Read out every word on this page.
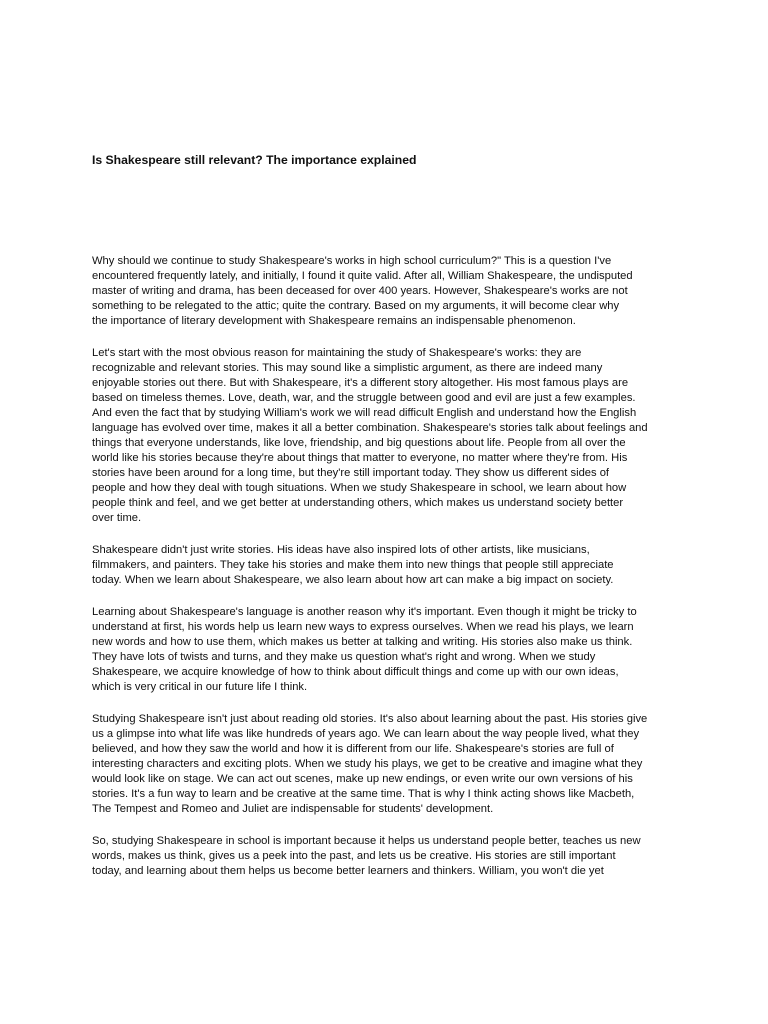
Is Shakespeare still relevant? The importance explained

Why should we continue to study Shakespeare's works in high school curriculum?" This is a question I've
encountered frequently lately, and initially, I found it quite valid. After all, William Shakespeare, the undisputed
master of writing and drama, has been deceased for over 400 years. However, Shakespeare's works are not
something to be relegated to the attic; quite the contrary. Based on my arguments, it will become clear why
the importance of literary development with Shakespeare remains an indispensable phenomenon.

Let's start with the most obvious reason for maintaining the study of Shakespeare's works: they are
recognizable and relevant stories. This may sound like a simplistic argument, as there are indeed many
enjoyable stories out there. But with Shakespeare, it's a different story altogether. His most famous plays are
based on timeless themes. Love, death, war, and the struggle between good and evil are just a few examples.
And even the fact that by studying William's work we will read difficult English and understand how the English
language has evolved over time, makes it all a better combination. Shakespeare's stories talk about feelings and
things that everyone understands, like love, friendship, and big questions about life. People from all over the
world like his stories because they're about things that matter to everyone, no matter where they're from. His
stories have been around for a long time, but they're still important today. They show us different sides of
people and how they deal with tough situations. When we study Shakespeare in school, we learn about how
people think and feel, and we get better at understanding others, which makes us understand society better
over time.

Shakespeare didn't just write stories. His ideas have also inspired lots of other artists, like musicians,
filmmakers, and painters. They take his stories and make them into new things that people still appreciate
today. When we learn about Shakespeare, we also learn about how art can make a big impact on society.

Learning about Shakespeare's language is another reason why it's important. Even though it might be tricky to
understand at first, his words help us learn new ways to express ourselves. When we read his plays, we learn
new words and how to use them, which makes us better at talking and writing. His stories also make us think.
They have lots of twists and turns, and they make us question what's right and wrong. When we study
Shakespeare, we acquire knowledge of how to think about difficult things and come up with our own ideas,
which is very critical in our future life I think.

Studying Shakespeare isn't just about reading old stories. It's also about learning about the past. His stories give
us a glimpse into what life was like hundreds of years ago. We can learn about the way people lived, what they
believed, and how they saw the world and how it is different from our life. Shakespeare's stories are full of
interesting characters and exciting plots. When we study his plays, we get to be creative and imagine what they
would look like on stage. We can act out scenes, make up new endings, or even write our own versions of his
stories. It's a fun way to learn and be creative at the same time. That is why I think acting shows like Macbeth,
The Tempest and Romeo and Juliet are indispensable for students' development.

So, studying Shakespeare in school is important because it helps us understand people better, teaches us new
words, makes us think, gives us a peek into the past, and lets us be creative. His stories are still important
today, and learning about them helps us become better learners and thinkers. William, you won't die yet
